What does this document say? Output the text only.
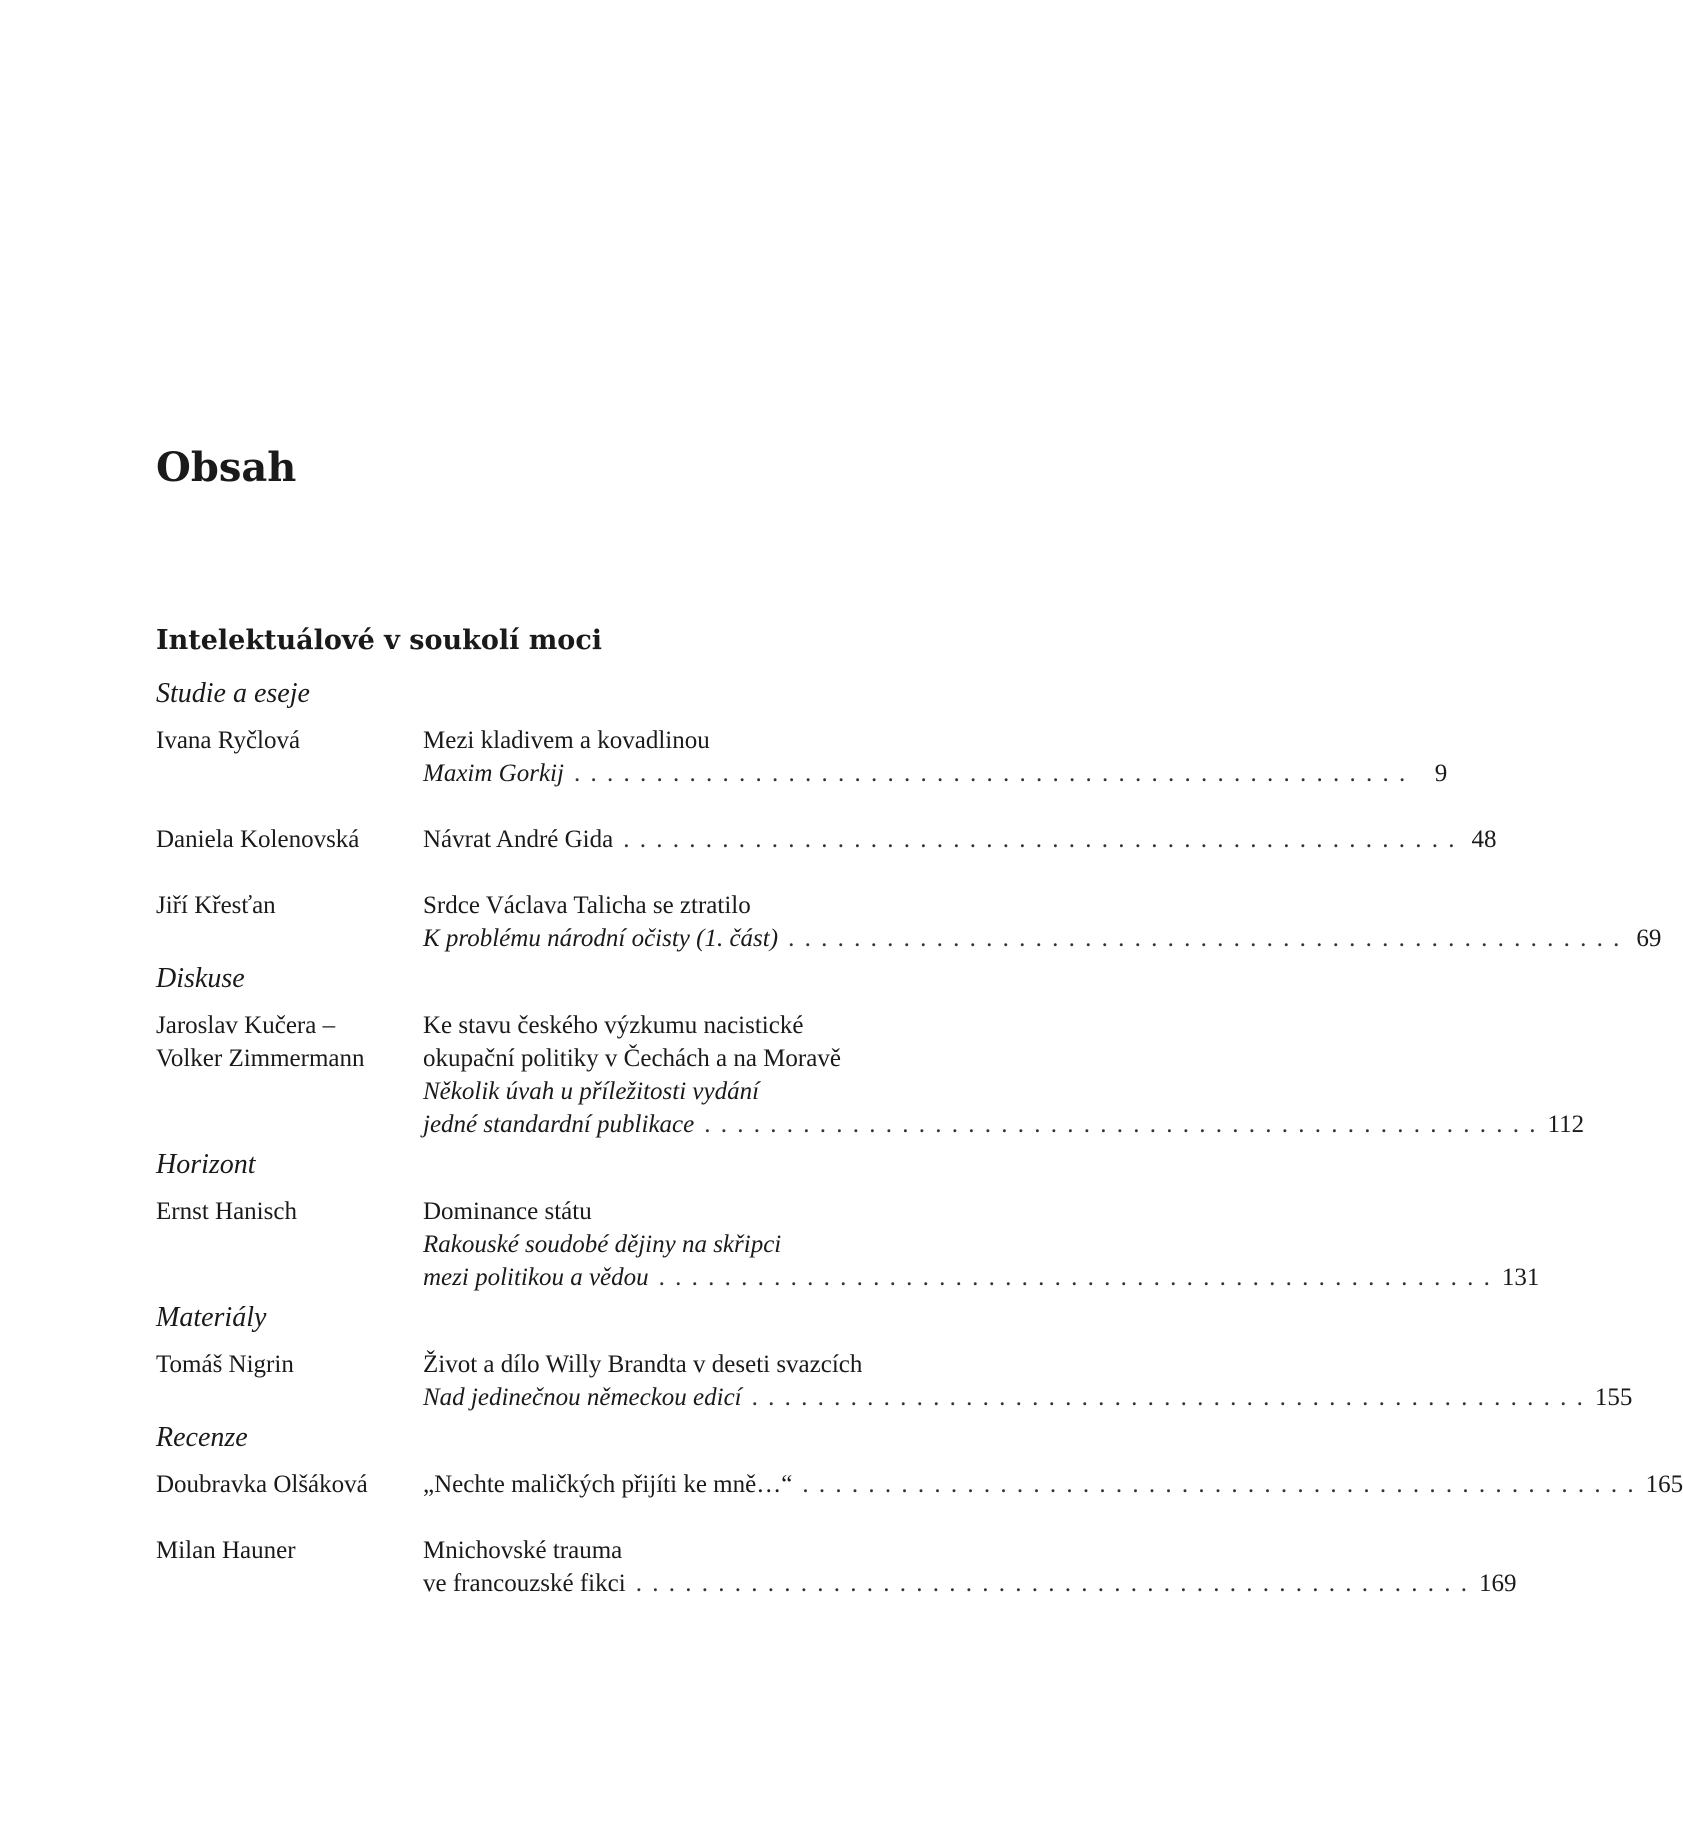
Obsah
Intelektuálové v soukolí moci
Studie a eseje
Ivana Ryčlová	Mezi kladivem a kovadlinou
Maxim Gorkij . . . . . . . . . . . . . . . . . . . . . . . . . . . . . . . . . . . . . . . . . . . . . . . . . . .	9
Daniela Kolenovská	Návrat André Gida . . . . . . . . . . . . . . . . . . . . . . . . . . . . . . . . . . . . . . . . . . . . . . . . . . . 48
Jiří Křesťan	Srdce Václava Talicha se ztratilo
K problému národní očisty (1. část) . . . . . . . . . . . . . . . . . . . . . . . . . . . . . . . . . . . . . . . . . . . . . . . . . . . 69
Diskuse
Jaroslav Kučera –
Volker Zimmermann
Ke stavu českého výzkumu nacistické
okupační politiky v Čechách a na Moravě
Několik úvah u příležitosti vydání
jedné standardní publikace . . . . . . . . . . . . . . . . . . . . . . . . . . . . . . . . . . . . . . . . . . . . . . . . . . . 112
Horizont
Ernst Hanisch	Dominance státu
Rakouské soudobé dějiny na skřipci
mezi politikou a vědou . . . . . . . . . . . . . . . . . . . . . . . . . . . . . . . . . . . . . . . . . . . . . . . . . . . 131
Materiály
Tomáš Nigrin	Život a dílo Willy Brandta v deseti svazcích
Nad jedinečnou německou edicí . . . . . . . . . . . . . . . . . . . . . . . . . . . . . . . . . . . . . . . . . . . . . . . . . . . 155
Recenze
Doubravka Olšáková	„Nechte maličkých přijíti ke mně…“ . . . . . . . . . . . . . . . . . . . . . . . . . . . . . . . . . . . . . . . . . . . . . . . . . . . 165
Milan Hauner	Mnichovské trauma
ve francouzské fikci . . . . . . . . . . . . . . . . . . . . . . . . . . . . . . . . . . . . . . . . . . . . . . . . . . . 169
